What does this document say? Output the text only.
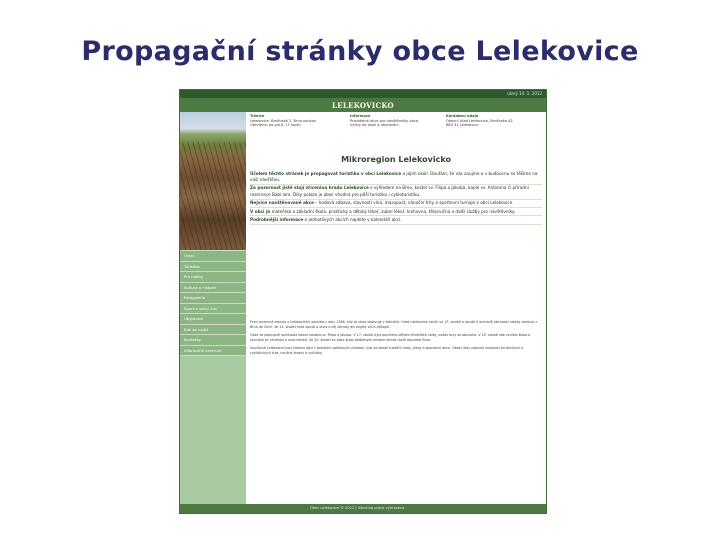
Propagační stránky obce Lelekovice
úterý 14. 1. 2012
LELEKOVICKO
Úvod
Turistika
Pro rodiny
Kultura a historie
Fotogalerie
Sport a volný čas
Ubytování
Kde se najíst
Kontakty
Informační centrum
Tržnice
Lelekovice, Brněnská 2, Brno-venkov
Otevřeno: po–pá 8–17 hodin
Informace
Pravidelné akce pro návštěvníky obce,
výlety do okolí a ubytování
Kontaktní údaje
Obecní úřad Lelekovice, Brněnská 42,
664 31 Lelekovice
Mikroregion Lelekovicko

Účelem těchto stránek je propagovat turistiku v obci Lelekovice a jejím okolí. Doufám, že vás zaujme a v budoucnu se těšíme na vaši návštěvu.

Za pozornost jistě stojí zřícenina hradu Lelekovice s výhledem na Brno, kostel sv. Filipa a Jakuba, kaple sv. Antonína či přírodní rezervace Babí lom. Díky poloze je obec vhodná pro pěší turistiku i cykloturistiku.

Nejvíce navštěvované akce – hodová zábava, slavnosti vína, masopust, vánoční trhy a sportovní turnaje v obci Lelekovice.

V obci je mateřská a základní škola, praktický a dětský lékař, zubní lékař, knihovna, tělocvična a další služby pro návštěvníky.

Podrobnější informace o jednotlivých akcích najdete v kalendáři akcí.

První písemná zmínka o Lelekovicích pochází z roku 1288, kdy se obec objevuje v listinách. Hrad Lelekovice vznikl ve 13. století a sloužil k ochraně obchodní stezky vedoucí z Brna do Čech. Ve 14. století hrad zpustl a dnes z něj zbývají jen zbytky zdí a příkopů.

Obec se postupně rozrůstala kolem kostela sv. Filipa a Jakuba. V 17. století byla poničena během třicetileté války, avšak brzy se obnovila. V 19. století zde vznikla škola a rozvíjelo se vinařství a ovocnářství. Ve 20. století se obec stala oblíbeným místem letních bytů obyvatel Brna.

Současné Lelekovice jsou klidnou obcí s bohatým spolkovým životem, kde se konají tradiční hody, plesy a sportovní akce. Okolní lesy nabízejí množství turistických a cyklistických tras, naučné stezky a vyhlídky.

Obec Lelekovice © 2012 | Všechna práva vyhrazena
